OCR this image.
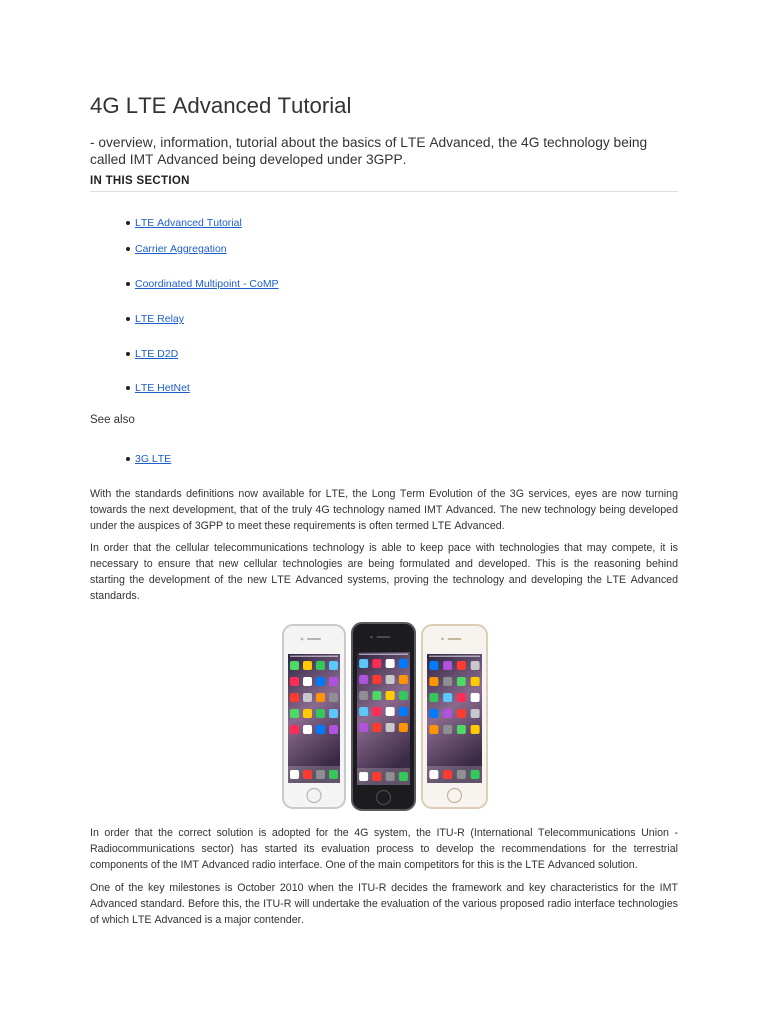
4G LTE Advanced Tutorial

- overview, information, tutorial about the basics of LTE Advanced, the 4G technology being called IMT Advanced being developed under 3GPP.

IN THIS SECTION
LTE Advanced Tutorial
Carrier Aggregation
Coordinated Multipoint - CoMP
LTE Relay
LTE D2D
LTE HetNet
See also
3G LTE

With the standards definitions now available for LTE, the Long Term Evolution of the 3G services, eyes are now turning towards the next development, that of the truly 4G technology named IMT Advanced. The new technology being developed under the auspices of 3GPP to meet these requirements is often termed LTE Advanced.

In order that the cellular telecommunications technology is able to keep pace with technologies that may compete, it is necessary to ensure that new cellular technologies are being formulated and developed. This is the reasoning behind starting the development of the new LTE Advanced systems, proving the technology and developing the LTE Advanced standards.

In order that the correct solution is adopted for the 4G system, the ITU-R (International Telecommunications Union - Radiocommunications sector) has started its evaluation process to develop the recommendations for the terrestrial components of the IMT Advanced radio interface. One of the main competitors for this is the LTE Advanced solution.

One of the key milestones is October 2010 when the ITU-R decides the framework and key characteristics for the IMT Advanced standard. Before this, the ITU-R will undertake the evaluation of the various proposed radio interface technologies of which LTE Advanced is a major contender.
